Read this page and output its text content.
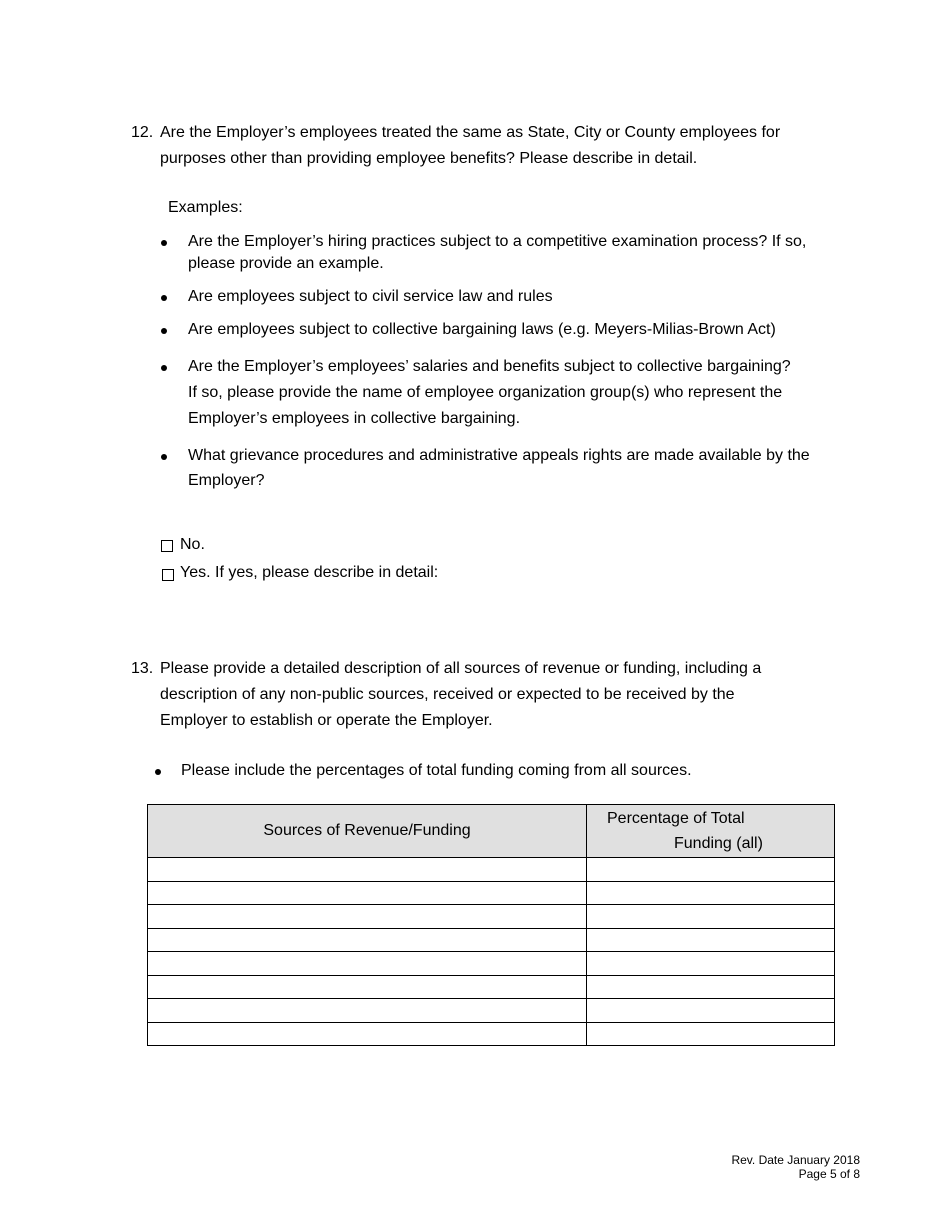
12. Are the Employer’s employees treated the same as State, City or County employees for
purposes other than providing employee benefits? Please describe in detail.
Examples:
Are the Employer’s hiring practices subject to a competitive examination process? If so,
please provide an example.
Are employees subject to civil service law and rules
Are employees subject to collective bargaining laws (e.g. Meyers-Milias-Brown Act)
Are the Employer’s employees’ salaries and benefits subject to collective bargaining?
If so, please provide the name of employee organization group(s) who represent the
Employer’s employees in collective bargaining.
What grievance procedures and administrative appeals rights are made available by the
Employer?
No.
Yes. If yes, please describe in detail:
13. Please provide a detailed description of all sources of revenue or funding, including a
description of any non-public sources, received or expected to be received by the
Employer to establish or operate the Employer.
Please include the percentages of total funding coming from all sources.
Sources of Revenue/Funding	Percentage of Total
Funding (all)

Rev. Date January 2018
Page 5 of 8
